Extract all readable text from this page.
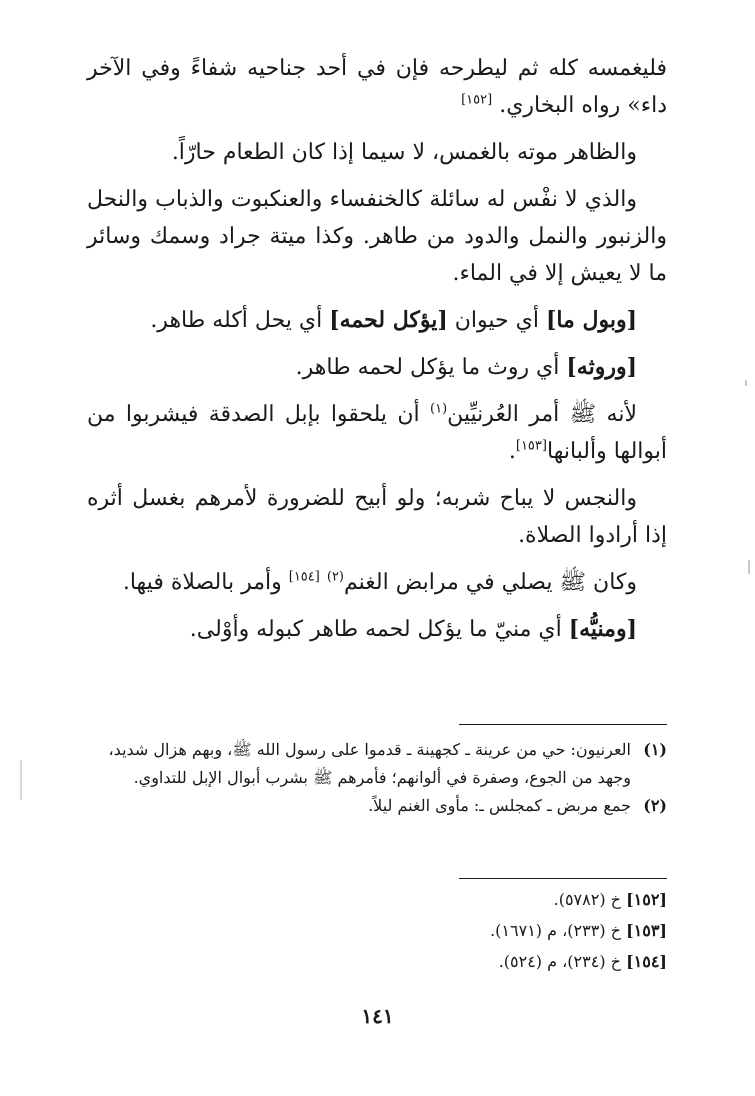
فليغمسه كله ثم ليطرحه فإن في أحد جناحيه شفاءً وفي الآخر داء» رواه البخاري. [١٥٢]

والظاهر موته بالغمس، لا سيما إذا كان الطعام حارّاً.

والذي لا نفْس له سائلة كالخنفساء والعنكبوت والذباب والنحل والزنبور والنمل والدود من طاهر. وكذا ميتة جراد وسمك وسائر ما لا يعيش إلا في الماء.

[وبول ما] أي حيوان [يؤكل لحمه] أي يحل أكله طاهر.

[وروثه] أي روث ما يؤكل لحمه طاهر.

لأنه ﷺ أمر العُرنيِّين$^{(١)}$ أن يلحقوا بإبل الصدقة فيشربوا من أبوالها وألبانها[١٥٣].

والنجس لا يباح شربه؛ ولو أبيح للضرورة لأمرهم بغسل أثره إذا أرادوا الصلاة.

وكان ﷺ يصلي في مرابض الغنم$^{(٢)}$ [١٥٤] وأمر بالصلاة فيها.

[ومنيُّه] أي منيّ ما يؤكل لحمه طاهر كبوله وأوْلى.

(١)
العرنيون: حي من عرينة ـ كجهينة ـ قدموا على رسول الله ﷺ، وبهم هزال شديد، وجهد من الجوع، وصفرة في ألوانهم؛ فأمرهم ﷺ بشرب أبوال الإبل للتداوي.

(٢)
جمع مربض ـ كمجلس ـ: مأوى الغنم ليلاً.

[١٥٢] خ (٥٧٨٢).

[١٥٣] خ (٢٣٣)، م (١٦٧١).

[١٥٤] خ (٢٣٤)، م (٥٢٤).

١٤١
